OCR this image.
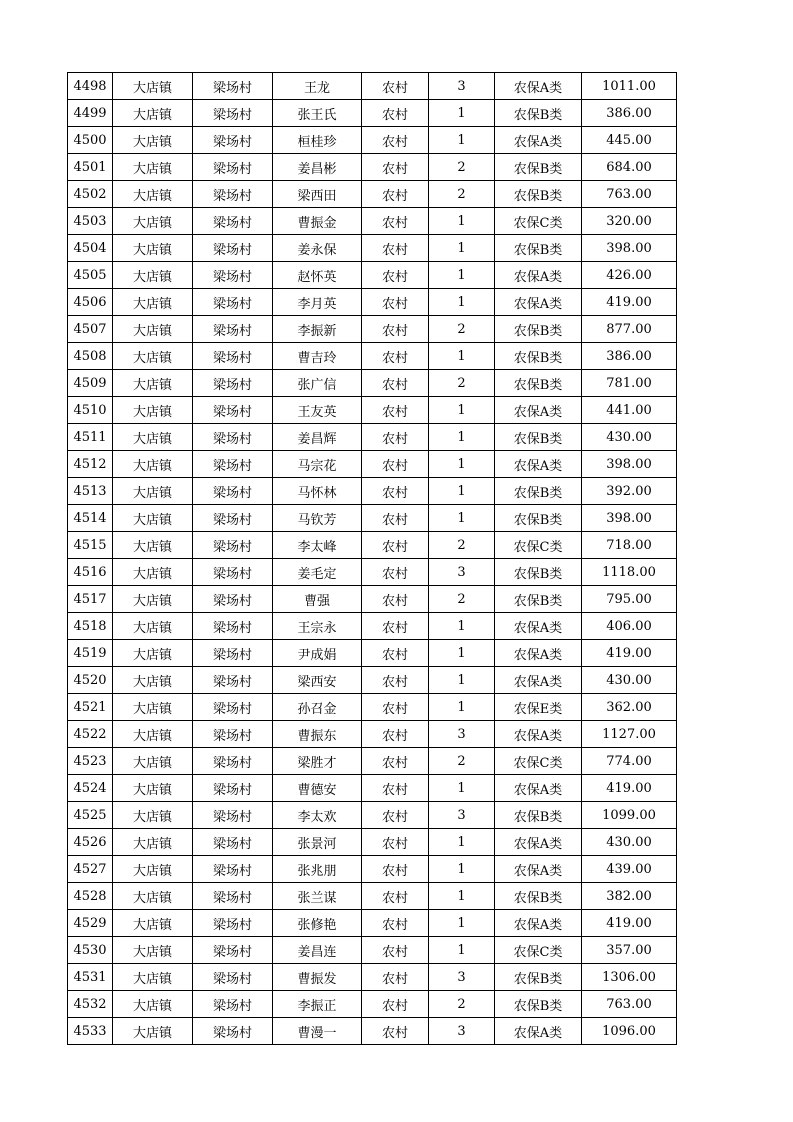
4498	大店镇	梁场村	王龙	农村	3	农保A类	1011.00
4499	大店镇	梁场村	张王氏	农村	1	农保B类	386.00
4500	大店镇	梁场村	桓桂珍	农村	1	农保A类	445.00
4501	大店镇	梁场村	姜昌彬	农村	2	农保B类	684.00
4502	大店镇	梁场村	梁西田	农村	2	农保B类	763.00
4503	大店镇	梁场村	曹振金	农村	1	农保C类	320.00
4504	大店镇	梁场村	姜永保	农村	1	农保B类	398.00
4505	大店镇	梁场村	赵怀英	农村	1	农保A类	426.00
4506	大店镇	梁场村	李月英	农村	1	农保A类	419.00
4507	大店镇	梁场村	李振新	农村	2	农保B类	877.00
4508	大店镇	梁场村	曹吉玲	农村	1	农保B类	386.00
4509	大店镇	梁场村	张广信	农村	2	农保B类	781.00
4510	大店镇	梁场村	王友英	农村	1	农保A类	441.00
4511	大店镇	梁场村	姜昌辉	农村	1	农保B类	430.00
4512	大店镇	梁场村	马宗花	农村	1	农保A类	398.00
4513	大店镇	梁场村	马怀林	农村	1	农保B类	392.00
4514	大店镇	梁场村	马钦芳	农村	1	农保B类	398.00
4515	大店镇	梁场村	李太峰	农村	2	农保C类	718.00
4516	大店镇	梁场村	姜毛定	农村	3	农保B类	1118.00
4517	大店镇	梁场村	曹强	农村	2	农保B类	795.00
4518	大店镇	梁场村	王宗永	农村	1	农保A类	406.00
4519	大店镇	梁场村	尹成娟	农村	1	农保A类	419.00
4520	大店镇	梁场村	梁西安	农村	1	农保A类	430.00
4521	大店镇	梁场村	孙召金	农村	1	农保E类	362.00
4522	大店镇	梁场村	曹振东	农村	3	农保A类	1127.00
4523	大店镇	梁场村	梁胜才	农村	2	农保C类	774.00
4524	大店镇	梁场村	曹德安	农村	1	农保A类	419.00
4525	大店镇	梁场村	李太欢	农村	3	农保B类	1099.00
4526	大店镇	梁场村	张景河	农村	1	农保A类	430.00
4527	大店镇	梁场村	张兆朋	农村	1	农保A类	439.00
4528	大店镇	梁场村	张兰谋	农村	1	农保B类	382.00
4529	大店镇	梁场村	张修艳	农村	1	农保A类	419.00
4530	大店镇	梁场村	姜昌连	农村	1	农保C类	357.00
4531	大店镇	梁场村	曹振发	农村	3	农保B类	1306.00
4532	大店镇	梁场村	李振正	农村	2	农保B类	763.00
4533	大店镇	梁场村	曹漫一	农村	3	农保A类	1096.00
